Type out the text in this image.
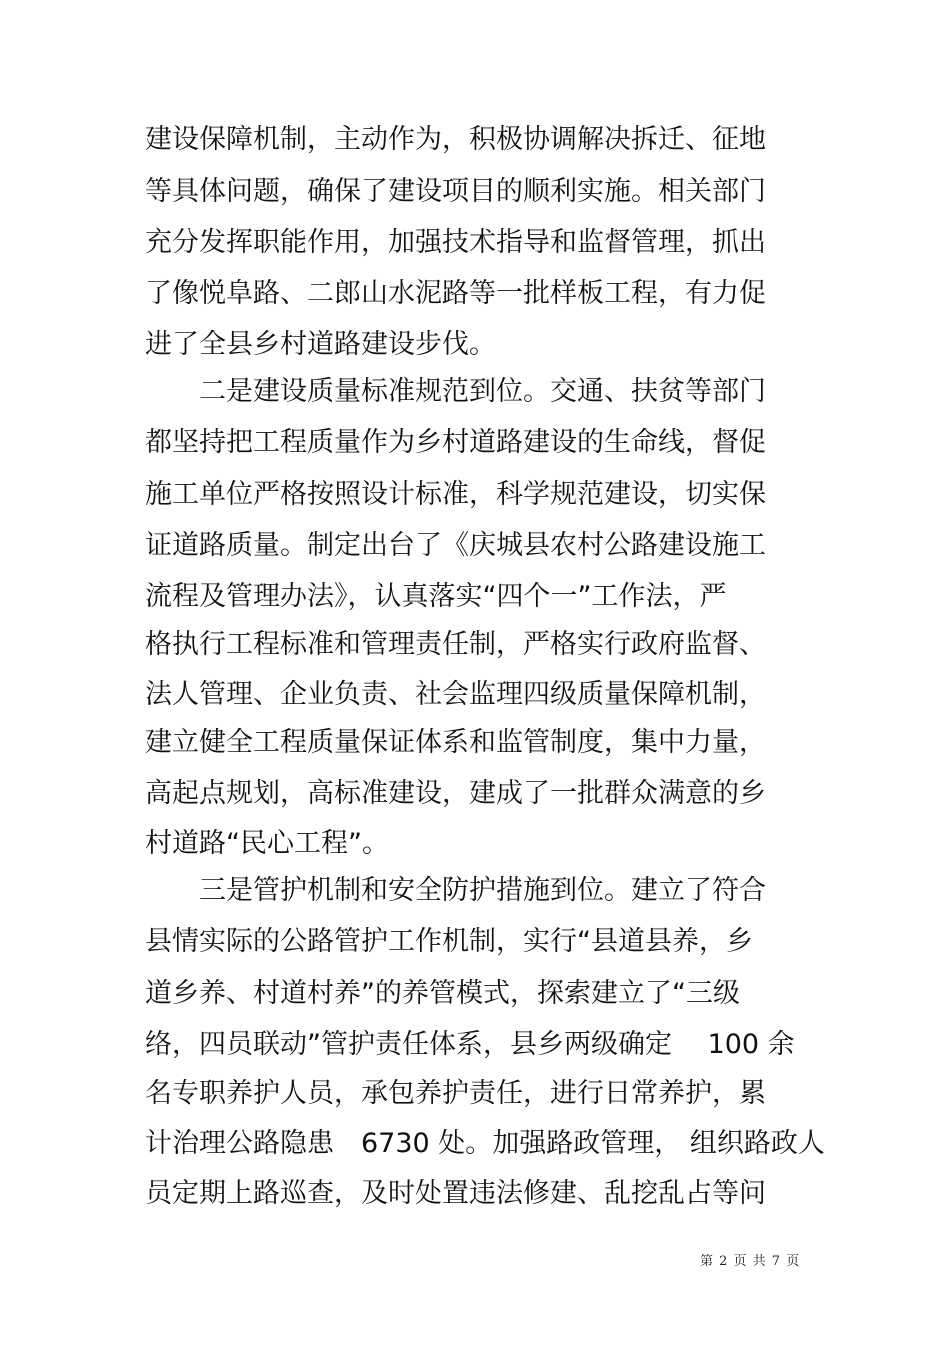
建设保障机制，主动作为，积极协调解决拆迁、征地
等具体问题，确保了建设项目的顺利实施。相关部门
充分发挥职能作用，加强技术指导和监督管理，抓出
了像悦阜路、二郎山水泥路等一批样板工程，有力促
进了全县乡村道路建设步伐。
　　二是建设质量标准规范到位。交通、扶贫等部门
都坚持把工程质量作为乡村道路建设的生命线，督促
施工单位严格按照设计标准，科学规范建设，切实保
证道路质量。制定出台了《庆城县农村公路建设施工
流程及管理办法》，认真落实“四个一”工作法，严
格执行工程标准和管理责任制，严格实行政府监督、
法人管理、企业负责、社会监理四级质量保障机制，
建立健全工程质量保证体系和监管制度，集中力量，
高起点规划，高标准建设，建成了一批群众满意的乡
村道路“民心工程”。
　　三是管护机制和安全防护措施到位。建立了符合
县情实际的公路管护工作机制，实行“县道县养，乡
道乡养、村道村养”的养管模式，探索建立了“三级
络，四员联动”管护责任体系，县乡两级确定　 100 余
名专职养护人员，承包养护责任，进行日常养护，累
计治理公路隐患　6730 处。加强路政管理， 组织路政人
员定期上路巡查，及时处置违法修建、乱挖乱占等问
第 2 页 共 7 页
